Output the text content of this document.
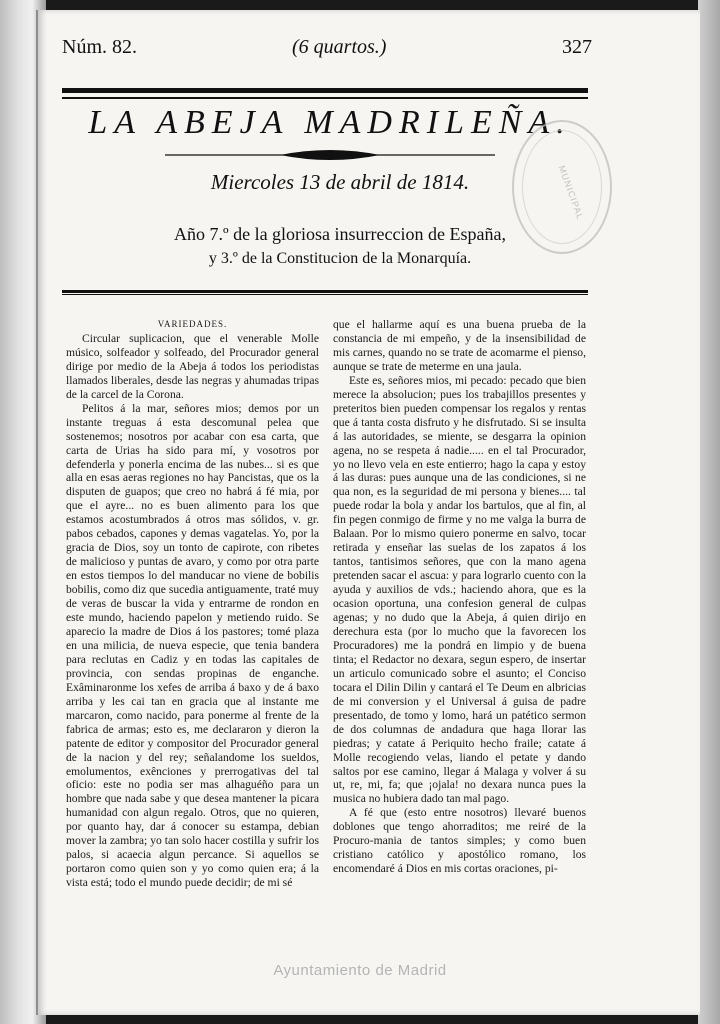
Núm. 82.	(6 quartos.)	327
LA ABEJA MADRILEÑA.
Miercoles 13 de abril de 1814.
Año 7.º de la gloriosa insurreccion de España,
y 3.º de la Constitucion de la Monarquía.
MUNICIPAL

VARIEDADES.

Circular suplicacion, que el venerable Molle músico, solfeador y solfeado, del Procurador general dirige por medio de la Abeja á todos los periodistas llamados liberales, desde las negras y ahumadas tripas de la carcel de la Corona.

Pelitos á la mar, señores mios; demos por un instante treguas á esta descomunal pelea que sostenemos; nosotros por acabar con esa carta, que carta de Urias ha sido para mí, y vosotros por defenderla y ponerla encima de las nubes... si es que alla en esas aeras regiones no hay Pancistas, que os la disputen de guapos; que creo no habrá á fé mia, por que el ayre... no es buen alimento para los que estamos acostumbrados á otros mas sólidos, v. gr. pabos cebados, capones y demas vagatelas. Yo, por la gracia de Dios, soy un tonto de capirote, con ribetes de malicioso y puntas de avaro, y como por otra parte en estos tiempos lo del manducar no viene de bobilis bobilis, como diz que sucedia antiguamente, traté muy de veras de buscar la vida y entrarme de rondon en este mundo, haciendo papelon y metiendo ruido. Se aparecio la madre de Dios á los pastores; tomé plaza en una milicia, de nueva especie, que tenia bandera para reclutas en Cadiz y en todas las capitales de provincia, con sendas propinas de enganche. Exâminaronme los xefes de arriba á baxo y de á baxo arriba y les cai tan en gracia que al instante me marcaron, como nacido, para ponerme al frente de la fabrica de armas; esto es, me declararon y dieron la patente de editor y compositor del Procurador general de la nacion y del rey; señalandome los sueldos, emolumentos, exênciones y prerrogativas del tal oficio: este no podia ser mas alhaguéño para un hombre que nada sabe y que desea mantener la picara humanidad con algun regalo. Otros, que no quieren, por quanto hay, dar á conocer su estampa, debian mover la zambra; yo tan solo hacer costilla y sufrir los palos, si acaecia algun percance. Si aquellos se portaron como quien son y yo como quien era; á la vista está; todo el mundo puede decidir; de mi sé

que el hallarme aquí es una buena prueba de la constancia de mi empeño, y de la insensibilidad de mis carnes, quando no se trate de acomarme el pienso, aunque se trate de meterme en una jaula.

Este es, señores mios, mi pecado: pecado que bien merece la absolucion; pues los trabajillos presentes y preteritos bien pueden compensar los regalos y rentas que á tanta costa disfruto y he disfrutado. Si se insulta á las autoridades, se miente, se desgarra la opinion agena, no se respeta á nadie..... en el tal Procurador, yo no llevo vela en este entierro; hago la capa y estoy á las duras: pues aunque una de las condiciones, si ne qua non, es la seguridad de mi persona y bienes.... tal puede rodar la bola y andar los bartulos, que al fin, al fin pegen conmigo de firme y no me valga la burra de Balaan. Por lo mismo quiero ponerme en salvo, tocar retirada y enseñar las suelas de los zapatos á los tantos, tantisimos señores, que con la mano agena pretenden sacar el ascua: y para lograrlo cuento con la ayuda y auxilios de vds.; haciendo ahora, que es la ocasion oportuna, una confesion general de culpas agenas; y no dudo que la Abeja, á quien dirijo en derechura esta (por lo mucho que la favorecen los Procuradores) me la pondrá en limpio y de buena tinta; el Redactor no dexara, segun espero, de insertar un articulo comunicado sobre el asunto; el Conciso tocara el Dilin Dilin y cantará el Te Deum en albricias de mi conversion y el Universal á guisa de padre presentado, de tomo y lomo, hará un patético sermon de dos columnas de andadura que haga llorar las piedras; y catate á Periquito hecho fraile; catate á Molle recogiendo velas, liando el petate y dando saltos por ese camino, llegar á Malaga y volver á su ut, re, mi, fa; que ¡ojala! no dexara nunca pues la musica no hubiera dado tan mal pago.

A fé que (esto entre nosotros) llevaré buenos doblones que tengo ahorraditos; me reiré de la Procuro-mania de tantos simples; y como buen cristiano católico y apostólico romano, los encomendaré á Dios en mis cortas oraciones, pi-

Ayuntamiento de Madrid
